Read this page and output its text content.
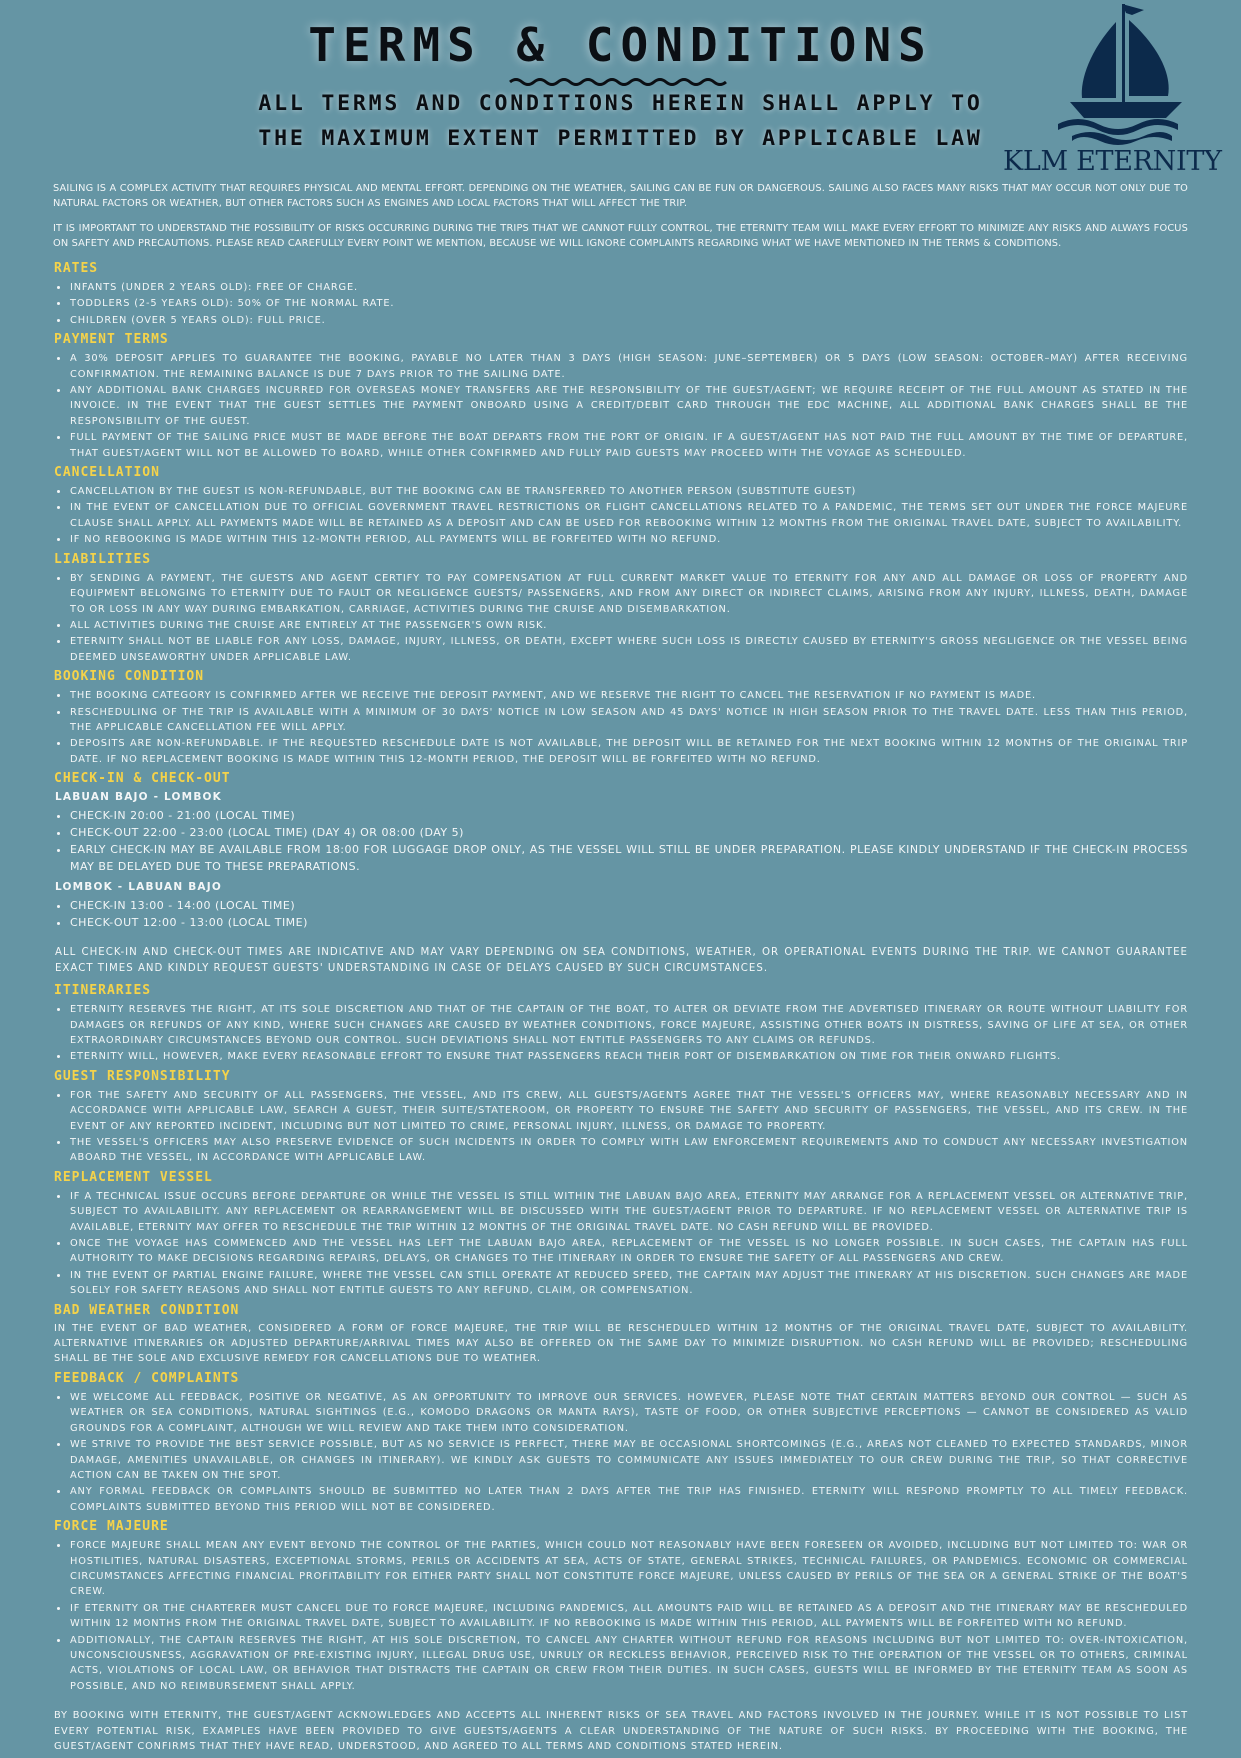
TERMS & CONDITIONS
ALL TERMS AND CONDITIONS HEREIN SHALL APPLY TO
THE MAXIMUM EXTENT PERMITTED BY APPLICABLE LAW
KLM ETERNITY

SAILING IS A COMPLEX ACTIVITY THAT REQUIRES PHYSICAL AND MENTAL EFFORT. DEPENDING ON THE WEATHER, SAILING CAN BE FUN OR DANGEROUS. SAILING ALSO FACES MANY RISKS THAT MAY OCCUR NOT ONLY DUE TO NATURAL FACTORS OR WEATHER, BUT OTHER FACTORS SUCH AS ENGINES AND LOCAL FACTORS THAT WILL AFFECT THE TRIP.

IT IS IMPORTANT TO UNDERSTAND THE POSSIBILITY OF RISKS OCCURRING DURING THE TRIPS THAT WE CANNOT FULLY CONTROL, THE ETERNITY TEAM WILL MAKE EVERY EFFORT TO MINIMIZE ANY RISKS AND ALWAYS FOCUS ON SAFETY AND PRECAUTIONS. PLEASE READ CAREFULLY EVERY POINT WE MENTION, BECAUSE WE WILL IGNORE COMPLAINTS REGARDING WHAT WE HAVE MENTIONED IN THE TERMS & CONDITIONS.

RATES
• INFANTS (UNDER 2 YEARS OLD): FREE OF CHARGE.
• TODDLERS (2-5 YEARS OLD): 50% OF THE NORMAL RATE.
• CHILDREN (OVER 5 YEARS OLD): FULL PRICE.
PAYMENT TERMS
• A 30% DEPOSIT APPLIES TO GUARANTEE THE BOOKING, PAYABLE NO LATER THAN 3 DAYS (HIGH SEASON: JUNE–SEPTEMBER) OR 5 DAYS (LOW SEASON: OCTOBER–MAY) AFTER RECEIVING CONFIRMATION. THE REMAINING BALANCE IS DUE 7 DAYS PRIOR TO THE SAILING DATE.
• ANY ADDITIONAL BANK CHARGES INCURRED FOR OVERSEAS MONEY TRANSFERS ARE THE RESPONSIBILITY OF THE GUEST/AGENT; WE REQUIRE RECEIPT OF THE FULL AMOUNT AS STATED IN THE INVOICE. IN THE EVENT THAT THE GUEST SETTLES THE PAYMENT ONBOARD USING A CREDIT/DEBIT CARD THROUGH THE EDC MACHINE, ALL ADDITIONAL BANK CHARGES SHALL BE THE RESPONSIBILITY OF THE GUEST.
• FULL PAYMENT OF THE SAILING PRICE MUST BE MADE BEFORE THE BOAT DEPARTS FROM THE PORT OF ORIGIN. IF A GUEST/AGENT HAS NOT PAID THE FULL AMOUNT BY THE TIME OF DEPARTURE, THAT GUEST/AGENT WILL NOT BE ALLOWED TO BOARD, WHILE OTHER CONFIRMED AND FULLY PAID GUESTS MAY PROCEED WITH THE VOYAGE AS SCHEDULED.
CANCELLATION
• CANCELLATION BY THE GUEST IS NON-REFUNDABLE, BUT THE BOOKING CAN BE TRANSFERRED TO ANOTHER PERSON (SUBSTITUTE GUEST)
• IN THE EVENT OF CANCELLATION DUE TO OFFICIAL GOVERNMENT TRAVEL RESTRICTIONS OR FLIGHT CANCELLATIONS RELATED TO A PANDEMIC, THE TERMS SET OUT UNDER THE FORCE MAJEURE CLAUSE SHALL APPLY. ALL PAYMENTS MADE WILL BE RETAINED AS A DEPOSIT AND CAN BE USED FOR REBOOKING WITHIN 12 MONTHS FROM THE ORIGINAL TRAVEL DATE, SUBJECT TO AVAILABILITY.
• IF NO REBOOKING IS MADE WITHIN THIS 12-MONTH PERIOD, ALL PAYMENTS WILL BE FORFEITED WITH NO REFUND.
LIABILITIES
• BY SENDING A PAYMENT, THE GUESTS AND AGENT CERTIFY TO PAY COMPENSATION AT FULL CURRENT MARKET VALUE TO ETERNITY FOR ANY AND ALL DAMAGE OR LOSS OF PROPERTY AND EQUIPMENT BELONGING TO ETERNITY DUE TO FAULT OR NEGLIGENCE GUESTS/ PASSENGERS, AND FROM ANY DIRECT OR INDIRECT CLAIMS, ARISING FROM ANY INJURY, ILLNESS, DEATH, DAMAGE TO OR LOSS IN ANY WAY DURING EMBARKATION, CARRIAGE, ACTIVITIES DURING THE CRUISE AND DISEMBARKATION.
• ALL ACTIVITIES DURING THE CRUISE ARE ENTIRELY AT THE PASSENGER'S OWN RISK.
• ETERNITY SHALL NOT BE LIABLE FOR ANY LOSS, DAMAGE, INJURY, ILLNESS, OR DEATH, EXCEPT WHERE SUCH LOSS IS DIRECTLY CAUSED BY ETERNITY'S GROSS NEGLIGENCE OR THE VESSEL BEING DEEMED UNSEAWORTHY UNDER APPLICABLE LAW.
BOOKING CONDITION
• THE BOOKING CATEGORY IS CONFIRMED AFTER WE RECEIVE THE DEPOSIT PAYMENT, AND WE RESERVE THE RIGHT TO CANCEL THE RESERVATION IF NO PAYMENT IS MADE.
• RESCHEDULING OF THE TRIP IS AVAILABLE WITH A MINIMUM OF 30 DAYS' NOTICE IN LOW SEASON AND 45 DAYS' NOTICE IN HIGH SEASON PRIOR TO THE TRAVEL DATE. LESS THAN THIS PERIOD, THE APPLICABLE CANCELLATION FEE WILL APPLY.
• DEPOSITS ARE NON-REFUNDABLE. IF THE REQUESTED RESCHEDULE DATE IS NOT AVAILABLE, THE DEPOSIT WILL BE RETAINED FOR THE NEXT BOOKING WITHIN 12 MONTHS OF THE ORIGINAL TRIP DATE. IF NO REPLACEMENT BOOKING IS MADE WITHIN THIS 12-MONTH PERIOD, THE DEPOSIT WILL BE FORFEITED WITH NO REFUND.
CHECK-IN & CHECK-OUT
LABUAN BAJO - LOMBOK
• CHECK-IN 20:00 - 21:00 (LOCAL TIME)
• CHECK-OUT 22:00 - 23:00 (LOCAL TIME) (DAY 4) OR 08:00 (DAY 5)
• EARLY CHECK-IN MAY BE AVAILABLE FROM 18:00 FOR LUGGAGE DROP ONLY, AS THE VESSEL WILL STILL BE UNDER PREPARATION. PLEASE KINDLY UNDERSTAND IF THE CHECK-IN PROCESS MAY BE DELAYED DUE TO THESE PREPARATIONS.
LOMBOK - LABUAN BAJO
• CHECK-IN 13:00 - 14:00 (LOCAL TIME)
• CHECK-OUT 12:00 - 13:00 (LOCAL TIME)

ALL CHECK-IN AND CHECK-OUT TIMES ARE INDICATIVE AND MAY VARY DEPENDING ON SEA CONDITIONS, WEATHER, OR OPERATIONAL EVENTS DURING THE TRIP. WE CANNOT GUARANTEE EXACT TIMES AND KINDLY REQUEST GUESTS' UNDERSTANDING IN CASE OF DELAYS CAUSED BY SUCH CIRCUMSTANCES.

ITINERARIES
• ETERNITY RESERVES THE RIGHT, AT ITS SOLE DISCRETION AND THAT OF THE CAPTAIN OF THE BOAT, TO ALTER OR DEVIATE FROM THE ADVERTISED ITINERARY OR ROUTE WITHOUT LIABILITY FOR DAMAGES OR REFUNDS OF ANY KIND, WHERE SUCH CHANGES ARE CAUSED BY WEATHER CONDITIONS, FORCE MAJEURE, ASSISTING OTHER BOATS IN DISTRESS, SAVING OF LIFE AT SEA, OR OTHER EXTRAORDINARY CIRCUMSTANCES BEYOND OUR CONTROL. SUCH DEVIATIONS SHALL NOT ENTITLE PASSENGERS TO ANY CLAIMS OR REFUNDS.
• ETERNITY WILL, HOWEVER, MAKE EVERY REASONABLE EFFORT TO ENSURE THAT PASSENGERS REACH THEIR PORT OF DISEMBARKATION ON TIME FOR THEIR ONWARD FLIGHTS.
GUEST RESPONSIBILITY
• FOR THE SAFETY AND SECURITY OF ALL PASSENGERS, THE VESSEL, AND ITS CREW, ALL GUESTS/AGENTS AGREE THAT THE VESSEL'S OFFICERS MAY, WHERE REASONABLY NECESSARY AND IN ACCORDANCE WITH APPLICABLE LAW, SEARCH A GUEST, THEIR SUITE/STATEROOM, OR PROPERTY TO ENSURE THE SAFETY AND SECURITY OF PASSENGERS, THE VESSEL, AND ITS CREW. IN THE EVENT OF ANY REPORTED INCIDENT, INCLUDING BUT NOT LIMITED TO CRIME, PERSONAL INJURY, ILLNESS, OR DAMAGE TO PROPERTY.
• THE VESSEL'S OFFICERS MAY ALSO PRESERVE EVIDENCE OF SUCH INCIDENTS IN ORDER TO COMPLY WITH LAW ENFORCEMENT REQUIREMENTS AND TO CONDUCT ANY NECESSARY INVESTIGATION ABOARD THE VESSEL, IN ACCORDANCE WITH APPLICABLE LAW.
REPLACEMENT VESSEL
• IF A TECHNICAL ISSUE OCCURS BEFORE DEPARTURE OR WHILE THE VESSEL IS STILL WITHIN THE LABUAN BAJO AREA, ETERNITY MAY ARRANGE FOR A REPLACEMENT VESSEL OR ALTERNATIVE TRIP, SUBJECT TO AVAILABILITY. ANY REPLACEMENT OR REARRANGEMENT WILL BE DISCUSSED WITH THE GUEST/AGENT PRIOR TO DEPARTURE. IF NO REPLACEMENT VESSEL OR ALTERNATIVE TRIP IS AVAILABLE, ETERNITY MAY OFFER TO RESCHEDULE THE TRIP WITHIN 12 MONTHS OF THE ORIGINAL TRAVEL DATE. NO CASH REFUND WILL BE PROVIDED.
• ONCE THE VOYAGE HAS COMMENCED AND THE VESSEL HAS LEFT THE LABUAN BAJO AREA, REPLACEMENT OF THE VESSEL IS NO LONGER POSSIBLE. IN SUCH CASES, THE CAPTAIN HAS FULL AUTHORITY TO MAKE DECISIONS REGARDING REPAIRS, DELAYS, OR CHANGES TO THE ITINERARY IN ORDER TO ENSURE THE SAFETY OF ALL PASSENGERS AND CREW.
• IN THE EVENT OF PARTIAL ENGINE FAILURE, WHERE THE VESSEL CAN STILL OPERATE AT REDUCED SPEED, THE CAPTAIN MAY ADJUST THE ITINERARY AT HIS DISCRETION. SUCH CHANGES ARE MADE SOLELY FOR SAFETY REASONS AND SHALL NOT ENTITLE GUESTS TO ANY REFUND, CLAIM, OR COMPENSATION.
BAD WEATHER CONDITION

IN THE EVENT OF BAD WEATHER, CONSIDERED A FORM OF FORCE MAJEURE, THE TRIP WILL BE RESCHEDULED WITHIN 12 MONTHS OF THE ORIGINAL TRAVEL DATE, SUBJECT TO AVAILABILITY. ALTERNATIVE ITINERARIES OR ADJUSTED DEPARTURE/ARRIVAL TIMES MAY ALSO BE OFFERED ON THE SAME DAY TO MINIMIZE DISRUPTION. NO CASH REFUND WILL BE PROVIDED; RESCHEDULING SHALL BE THE SOLE AND EXCLUSIVE REMEDY FOR CANCELLATIONS DUE TO WEATHER.

FEEDBACK / COMPLAINTS
• WE WELCOME ALL FEEDBACK, POSITIVE OR NEGATIVE, AS AN OPPORTUNITY TO IMPROVE OUR SERVICES. HOWEVER, PLEASE NOTE THAT CERTAIN MATTERS BEYOND OUR CONTROL — SUCH AS WEATHER OR SEA CONDITIONS, NATURAL SIGHTINGS (E.G., KOMODO DRAGONS OR MANTA RAYS), TASTE OF FOOD, OR OTHER SUBJECTIVE PERCEPTIONS — CANNOT BE CONSIDERED AS VALID GROUNDS FOR A COMPLAINT, ALTHOUGH WE WILL REVIEW AND TAKE THEM INTO CONSIDERATION.
• WE STRIVE TO PROVIDE THE BEST SERVICE POSSIBLE, BUT AS NO SERVICE IS PERFECT, THERE MAY BE OCCASIONAL SHORTCOMINGS (E.G., AREAS NOT CLEANED TO EXPECTED STANDARDS, MINOR DAMAGE, AMENITIES UNAVAILABLE, OR CHANGES IN ITINERARY). WE KINDLY ASK GUESTS TO COMMUNICATE ANY ISSUES IMMEDIATELY TO OUR CREW DURING THE TRIP, SO THAT CORRECTIVE ACTION CAN BE TAKEN ON THE SPOT.
• ANY FORMAL FEEDBACK OR COMPLAINTS SHOULD BE SUBMITTED NO LATER THAN 2 DAYS AFTER THE TRIP HAS FINISHED. ETERNITY WILL RESPOND PROMPTLY TO ALL TIMELY FEEDBACK. COMPLAINTS SUBMITTED BEYOND THIS PERIOD WILL NOT BE CONSIDERED.
FORCE MAJEURE
• FORCE MAJEURE SHALL MEAN ANY EVENT BEYOND THE CONTROL OF THE PARTIES, WHICH COULD NOT REASONABLY HAVE BEEN FORESEEN OR AVOIDED, INCLUDING BUT NOT LIMITED TO: WAR OR HOSTILITIES, NATURAL DISASTERS, EXCEPTIONAL STORMS, PERILS OR ACCIDENTS AT SEA, ACTS OF STATE, GENERAL STRIKES, TECHNICAL FAILURES, OR PANDEMICS. ECONOMIC OR COMMERCIAL CIRCUMSTANCES AFFECTING FINANCIAL PROFITABILITY FOR EITHER PARTY SHALL NOT CONSTITUTE FORCE MAJEURE, UNLESS CAUSED BY PERILS OF THE SEA OR A GENERAL STRIKE OF THE BOAT'S CREW.
• IF ETERNITY OR THE CHARTERER MUST CANCEL DUE TO FORCE MAJEURE, INCLUDING PANDEMICS, ALL AMOUNTS PAID WILL BE RETAINED AS A DEPOSIT AND THE ITINERARY MAY BE RESCHEDULED WITHIN 12 MONTHS FROM THE ORIGINAL TRAVEL DATE, SUBJECT TO AVAILABILITY. IF NO REBOOKING IS MADE WITHIN THIS PERIOD, ALL PAYMENTS WILL BE FORFEITED WITH NO REFUND.
• ADDITIONALLY, THE CAPTAIN RESERVES THE RIGHT, AT HIS SOLE DISCRETION, TO CANCEL ANY CHARTER WITHOUT REFUND FOR REASONS INCLUDING BUT NOT LIMITED TO: OVER-INTOXICATION, UNCONSCIOUSNESS, AGGRAVATION OF PRE-EXISTING INJURY, ILLEGAL DRUG USE, UNRULY OR RECKLESS BEHAVIOR, PERCEIVED RISK TO THE OPERATION OF THE VESSEL OR TO OTHERS, CRIMINAL ACTS, VIOLATIONS OF LOCAL LAW, OR BEHAVIOR THAT DISTRACTS THE CAPTAIN OR CREW FROM THEIR DUTIES. IN SUCH CASES, GUESTS WILL BE INFORMED BY THE ETERNITY TEAM AS SOON AS POSSIBLE, AND NO REIMBURSEMENT SHALL APPLY.

BY BOOKING WITH ETERNITY, THE GUEST/AGENT ACKNOWLEDGES AND ACCEPTS ALL INHERENT RISKS OF SEA TRAVEL AND FACTORS INVOLVED IN THE JOURNEY. WHILE IT IS NOT POSSIBLE TO LIST EVERY POTENTIAL RISK, EXAMPLES HAVE BEEN PROVIDED TO GIVE GUESTS/AGENTS A CLEAR UNDERSTANDING OF THE NATURE OF SUCH RISKS. BY PROCEEDING WITH THE BOOKING, THE GUEST/AGENT CONFIRMS THAT THEY HAVE READ, UNDERSTOOD, AND AGREED TO ALL TERMS AND CONDITIONS STATED HEREIN.
